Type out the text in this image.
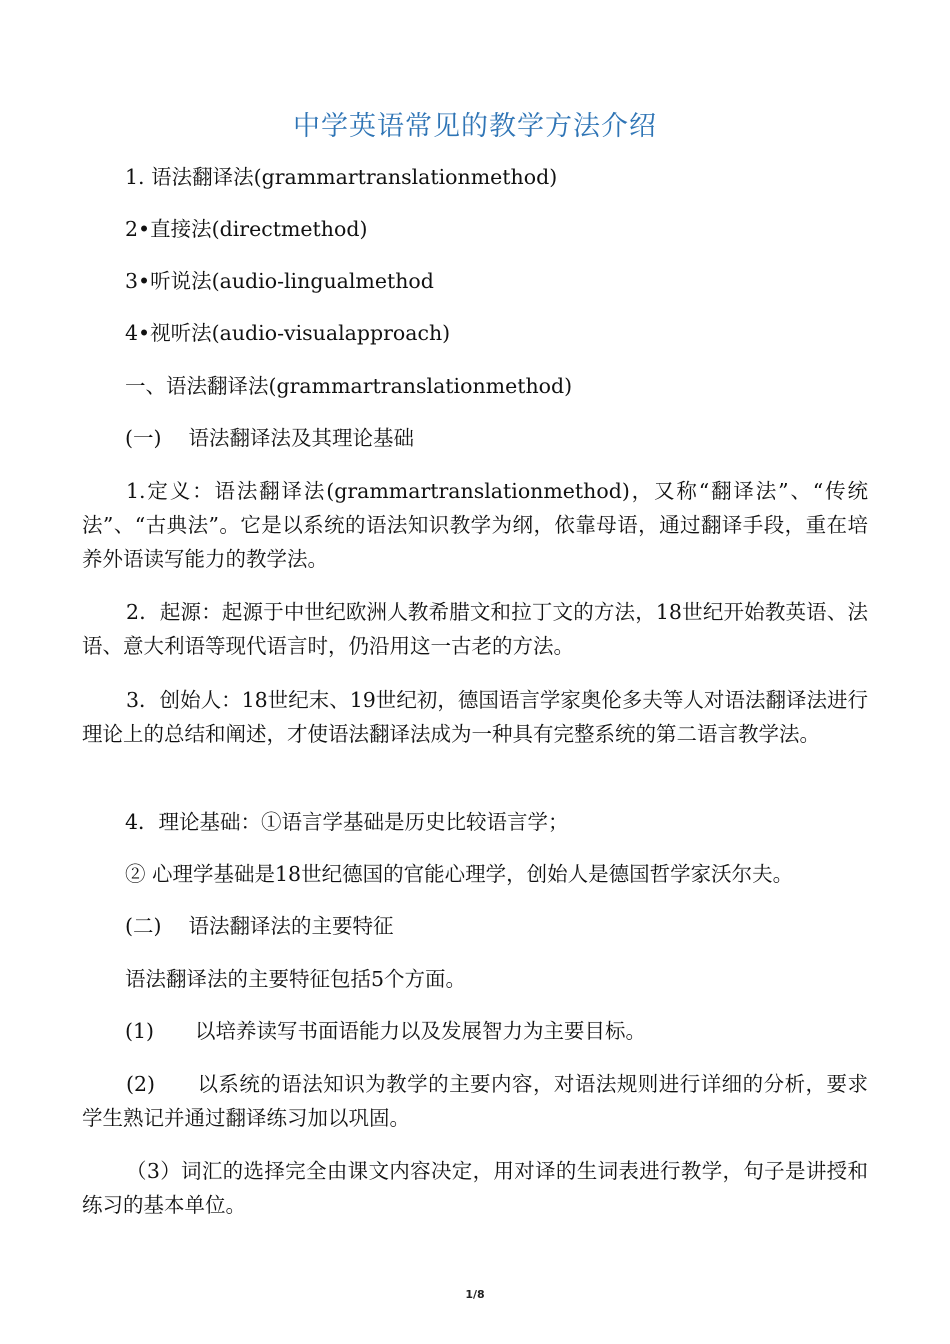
中学英语常见的教学方法介绍
1. 语法翻译法(grammartranslationmethod)
2•直接法(directmethod)
3•听说法(audio-lingualmethod
4•视听法(audio-visualapproach)
一、语法翻译法(grammartranslationmethod)
(一)　 语法翻译法及其理论基础
1.定义：语法翻译法(grammartranslationmethod)，又称“翻译法”、“传统法”、“古典法”。它是以系统的语法知识教学为纲，依靠母语，通过翻译手段，重在培养外语读写能力的教学法。
2．起源：起源于中世纪欧洲人教希腊文和拉丁文的方法，18世纪开始教英语、法语、意大利语等现代语言时，仍沿用这一古老的方法。
3．创始人：18世纪末、19世纪初，德国语言学家奥伦多夫等人对语法翻译法进行理论上的总结和阐述，才使语法翻译法成为一种具有完整系统的第二语言教学法。
4．理论基础：①语言学基础是历史比较语言学；
② 心理学基础是18世纪德国的官能心理学，创始人是德国哲学家沃尔夫。
(二)　 语法翻译法的主要特征
语法翻译法的主要特征包括5个方面。
(1)　　以培养读写书面语能力以及发展智力为主要目标。
(2)　　以系统的语法知识为教学的主要内容，对语法规则进行详细的分析，要求学生熟记并通过翻译练习加以巩固。
（3）词汇的选择完全由课文内容决定，用对译的生词表进行教学，句子是讲授和练习的基本单位。
1/8
